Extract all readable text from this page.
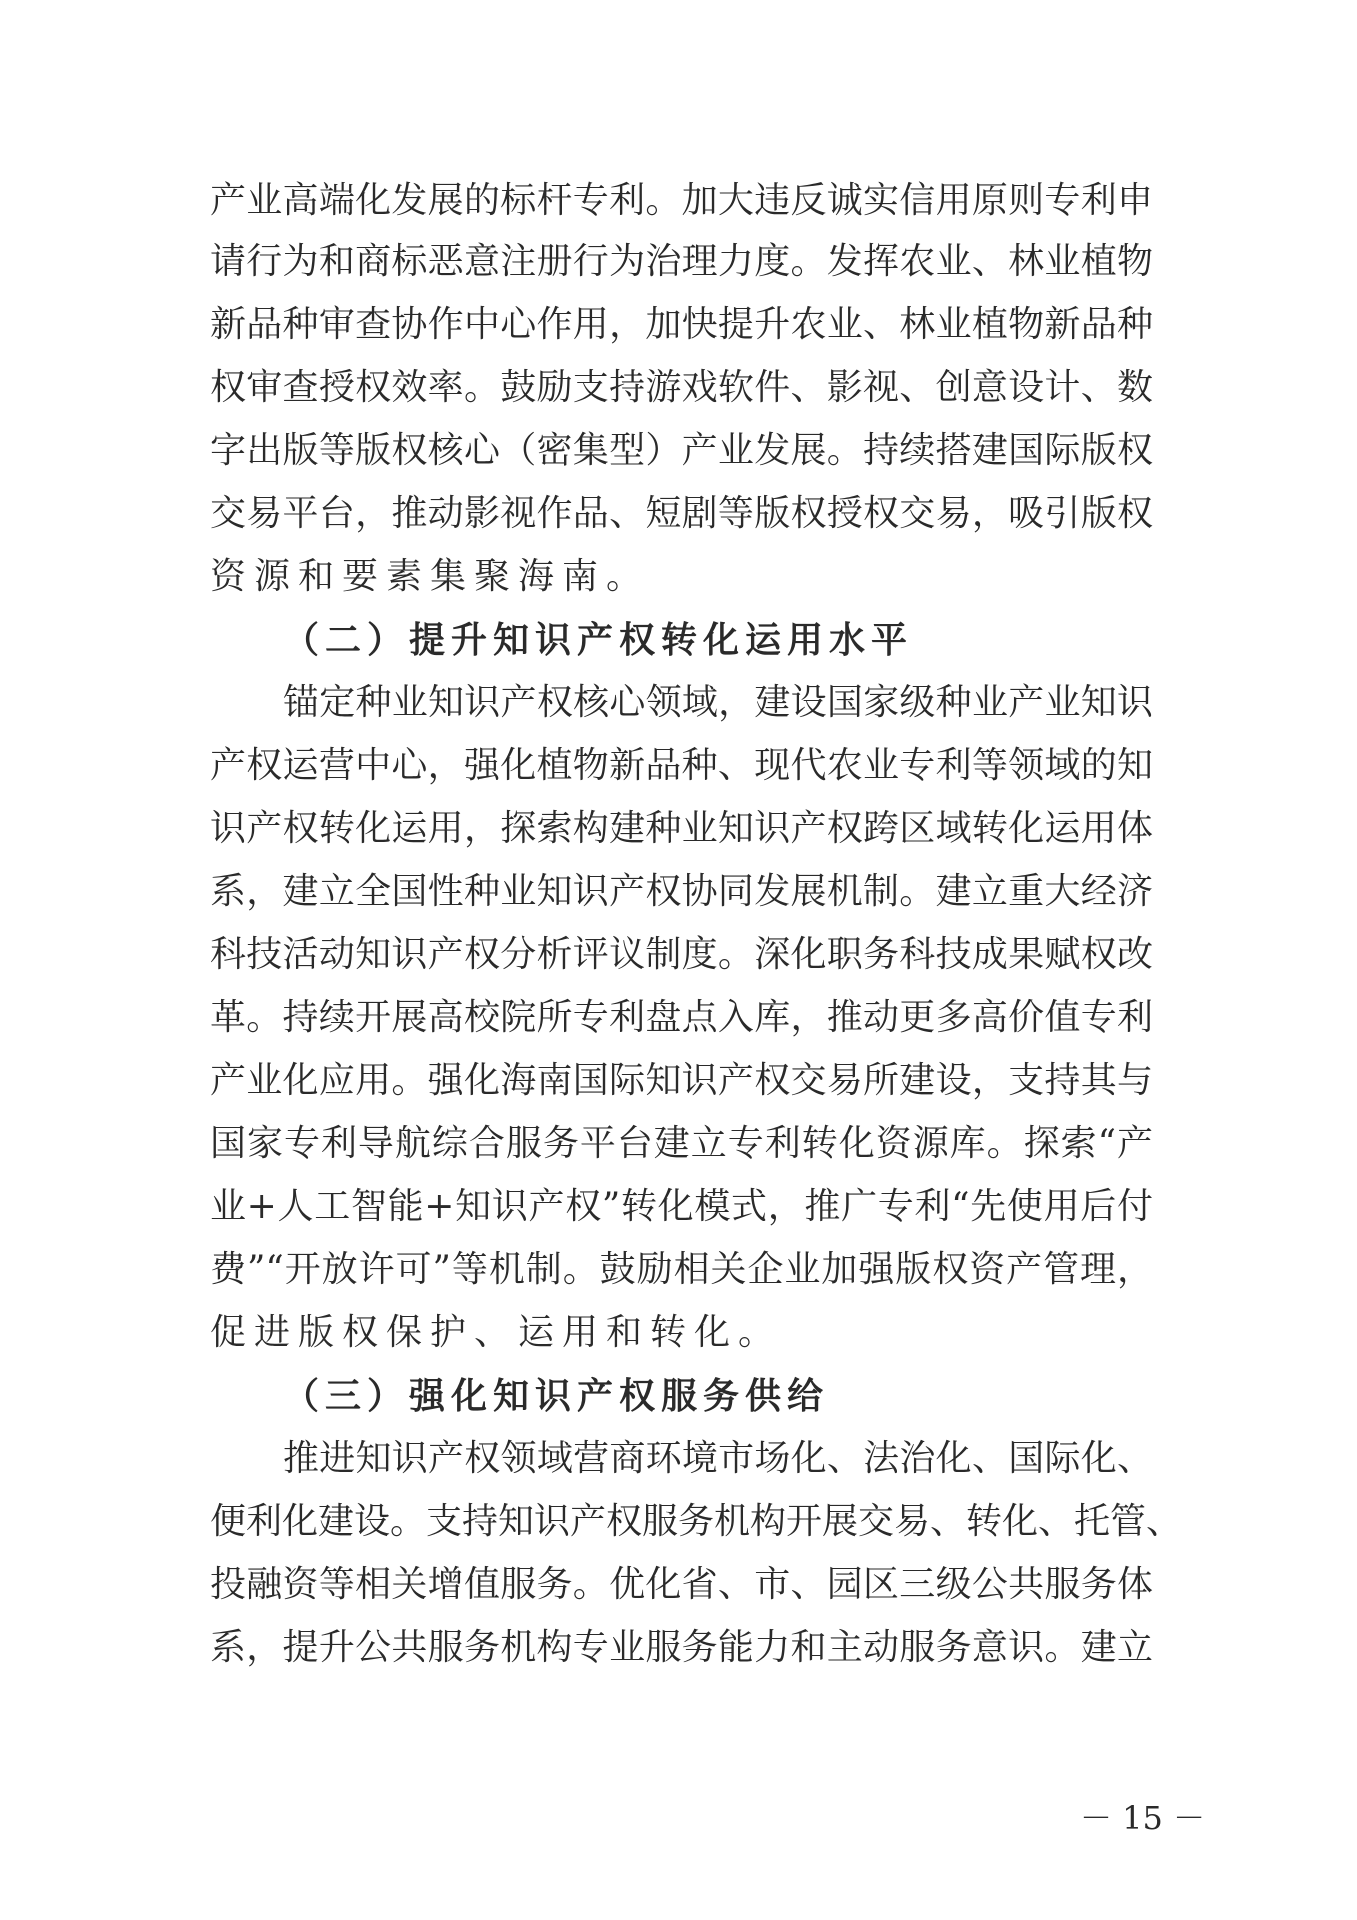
产业高端化发展的标杆专利。加大违反诚实信用原则专利申
请行为和商标恶意注册行为治理力度。发挥农业、林业植物
新品种审查协作中心作用，加快提升农业、林业植物新品种
权审查授权效率。鼓励支持游戏软件、影视、创意设计、数
字出版等版权核心（密集型）产业发展。持续搭建国际版权
交易平台，推动影视作品、短剧等版权授权交易，吸引版权
资源和要素集聚海南。
（二）提升知识产权转化运用水平
锚定种业知识产权核心领域，建设国家级种业产业知识
产权运营中心，强化植物新品种、现代农业专利等领域的知
识产权转化运用，探索构建种业知识产权跨区域转化运用体
系，建立全国性种业知识产权协同发展机制。建立重大经济
科技活动知识产权分析评议制度。深化职务科技成果赋权改
革。持续开展高校院所专利盘点入库，推动更多高价值专利
产业化应用。强化海南国际知识产权交易所建设，支持其与
国家专利导航综合服务平台建立专利转化资源库。探索“产
业+人工智能+知识产权”转化模式，推广专利“先使用后付
费”“开放许可”等机制。鼓励相关企业加强版权资产管理，
促进版权保护、运用和转化。
（三）强化知识产权服务供给
推进知识产权领域营商环境市场化、法治化、国际化、
便利化建设。支持知识产权服务机构开展交易、转化、托管、
投融资等相关增值服务。优化省、市、园区三级公共服务体
系，提升公共服务机构专业服务能力和主动服务意识。建立
－ 15 －
